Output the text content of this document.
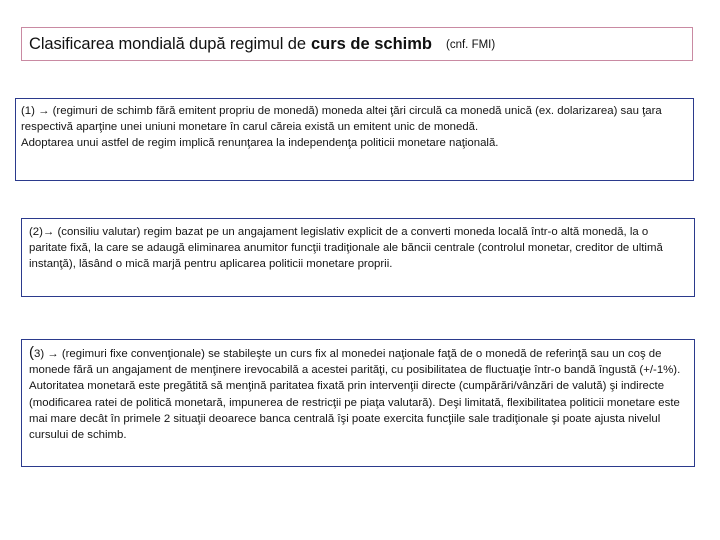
Clasificarea mondială după regimul de curs de schimb (cnf. FMI)

(1) → (regimuri de schimb fără emitent propriu de monedă) moneda altei ţări circulă ca monedă unică (ex. dolarizarea) sau ţara respectivă aparţine unei uniuni monetare în carul căreia există un emitent unic de monedă.

Adoptarea unui astfel de regim implică renunţarea la independenţa politicii monetare naţională.

(2)→ (consiliu valutar) regim bazat pe un angajament legislativ explicit de a converti moneda locală într-o altă monedă, la o paritate fixă, la care se adaugă eliminarea anumitor funcţii tradiţionale ale băncii centrale (controlul monetar, creditor de ultimă instanţă), lăsând o mică marjă pentru aplicarea politicii monetare proprii.

(3) → (regimuri fixe convenţionale) se stabileşte un curs fix al monedei naţionale faţă de o monedă de referinţă sau un coş de monede fără un angajament de menţinere irevocabilă a acestei parităţi, cu posibilitatea de fluctuaţie într-o bandă îngustă (+/-1%).

Autoritatea monetară este pregătită să menţină paritatea fixată prin intervenţii directe (cumpărări/vânzări de valută) şi indirecte (modificarea ratei de politică monetară, impunerea de restricţii pe piaţa valutară). Deşi limitată, flexibilitatea politicii monetare este mai mare decât în primele 2 situaţii deoarece banca centrală îşi poate exercita funcţiile sale tradiţionale şi poate ajusta nivelul cursului de schimb.
